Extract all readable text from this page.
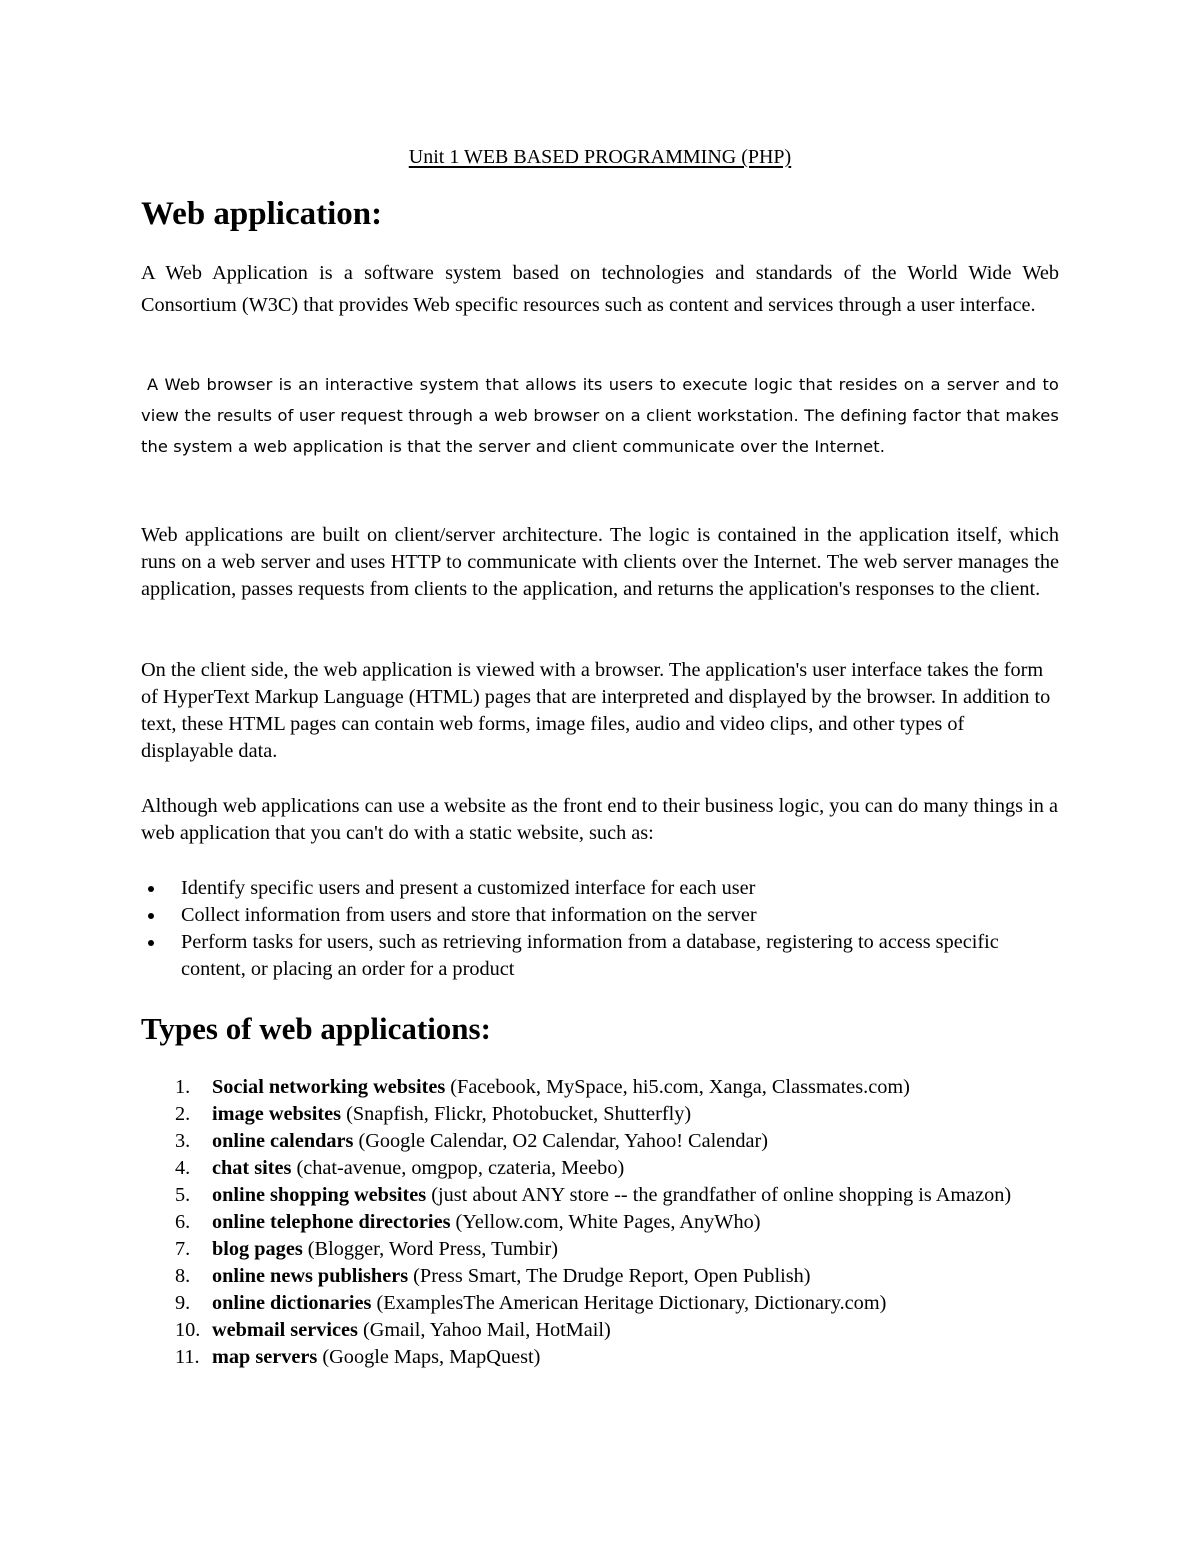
Unit 1 WEB BASED PROGRAMMING (PHP)

Web application:

A Web Application is a software system based on technologies and standards of the World Wide Web Consortium (W3C) that provides Web specific resources such as content and services through a user interface.

A Web browser is an interactive system that allows its users to execute logic that resides on a server and to view the results of user request through a web browser on a client workstation. The defining factor that makes the system a web application is that the server and client communicate over the Internet.

Web applications are built on client/server architecture. The logic is contained in the application itself, which runs on a web server and uses HTTP to communicate with clients over the Internet. The web server manages the application, passes requests from clients to the application, and returns the application's responses to the client.

On the client side, the web application is viewed with a browser. The application's user interface takes the form of HyperText Markup Language (HTML) pages that are interpreted and displayed by the browser. In addition to text, these HTML pages can contain web forms, image files, audio and video clips, and other types of displayable data.

Although web applications can use a website as the front end to their business logic, you can do many things in a web application that you can't do with a static website, such as:

Identify specific users and present a customized interface for each user
Collect information from users and store that information on the server
Perform tasks for users, such as retrieving information from a database, registering to access specific content, or placing an order for a product
Types of web applications:
1. Social networking websites (Facebook, MySpace, hi5.com, Xanga, Classmates.com)
2. image websites (Snapfish, Flickr, Photobucket, Shutterfly)
3. online calendars (Google Calendar, O2 Calendar, Yahoo! Calendar)
4. chat sites (chat-avenue, omgpop, czateria, Meebo)
5. online shopping websites (just about ANY store -- the grandfather of online shopping is Amazon)
6. online telephone directories (Yellow.com, White Pages, AnyWho)
7. blog pages (Blogger, Word Press, Tumbir)
8. online news publishers (Press Smart, The Drudge Report, Open Publish)
9. online dictionaries (ExamplesThe American Heritage Dictionary, Dictionary.com)
10. webmail services (Gmail, Yahoo Mail, HotMail)
11. map servers (Google Maps, MapQuest)
